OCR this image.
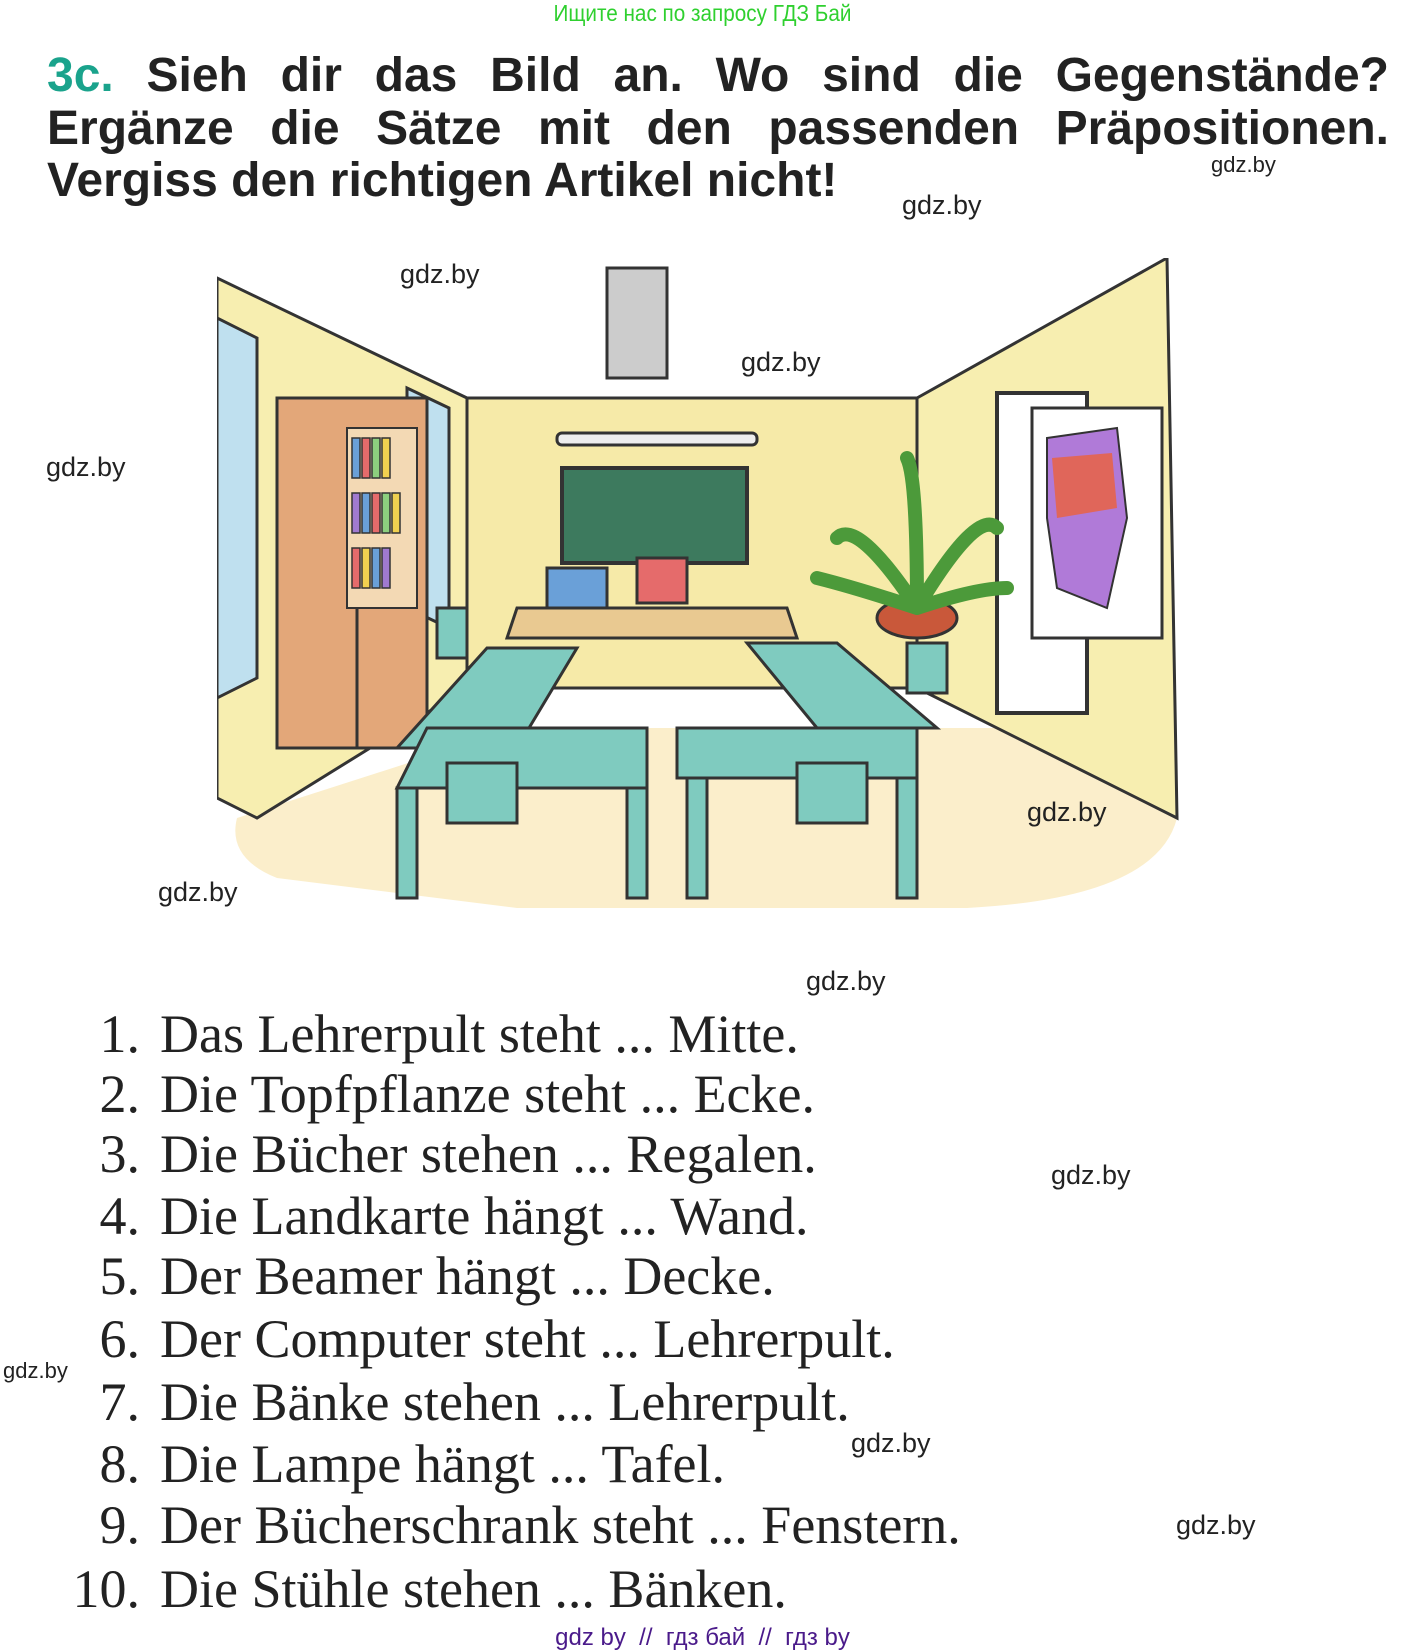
Ищите нас по запросу ГДЗ Бай
3c. Sieh dir das Bild an. Wo sind die Gegenstände?
Ergänze die Sätze mit den passenden Präpositionen.
Vergiss den richtigen Artikel nicht!
gdz.by
gdz.by
gdz.by
gdz.by
gdz.by
gdz.by
gdz.by
gdz.by
gdz.by
gdz.by
gdz.by
gdz.by
1. Das Lehrerpult steht ... Mitte.
2. Die Topfpflanze steht ... Ecke.
3. Die Bücher stehen ... Regalen.
4. Die Landkarte hängt ... Wand.
5. Der Beamer hängt ... Decke.
6. Der Computer steht ... Lehrerpult.
7. Die Bänke stehen ... Lehrerpult.
8. Die Lampe hängt ... Tafel.
9. Der Bücherschrank steht ... Fenstern.
10. Die Stühle stehen ... Bänken.
gdz by  //  гдз бай  //  гдз by
